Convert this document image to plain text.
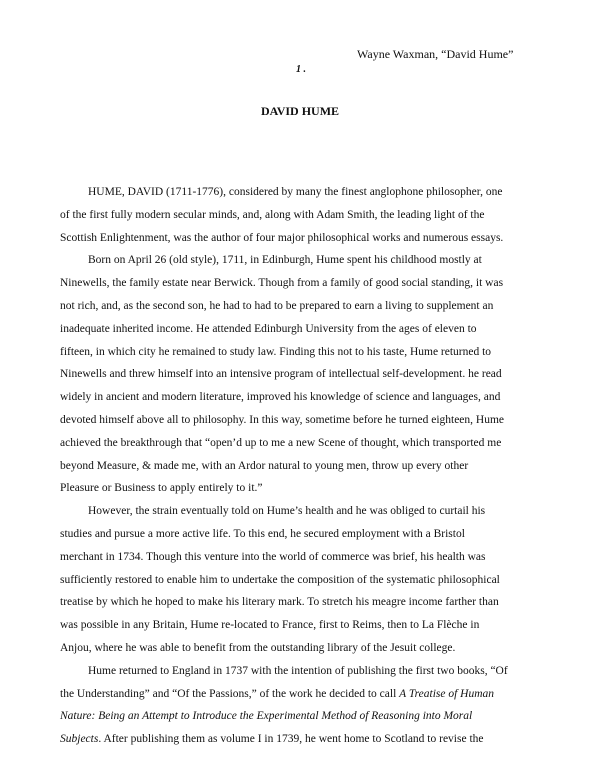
Wayne Waxman, “David Hume”
1 .
DAVID HUME
HUME, DAVID (1711-1776), considered by many the finest anglophone philosopher, one
of the first fully modern secular minds, and, along with Adam Smith, the leading light of the
Scottish Enlightenment, was the author of four major philosophical works and numerous essays.
Born on April 26 (old style), 1711, in Edinburgh, Hume spent his childhood mostly at
Ninewells, the family estate near Berwick. Though from a family of good social standing, it was
not rich, and, as the second son, he had to had to be prepared to earn a living to supplement an
inadequate inherited income. He attended Edinburgh University from the ages of eleven to
fifteen, in which city he remained to study law. Finding this not to his taste, Hume returned to
Ninewells and threw himself into an intensive program of intellectual self-development. he read
widely in ancient and modern literature, improved his knowledge of science and languages, and
devoted himself above all to philosophy. In this way, sometime before he turned eighteen, Hume
achieved the breakthrough that “open’d up to me a new Scene of thought, which transported me
beyond Measure, & made me, with an Ardor natural to young men, throw up every other
Pleasure or Business to apply entirely to it.”
However, the strain eventually told on Hume’s health and he was obliged to curtail his
studies and pursue a more active life. To this end, he secured employment with a Bristol
merchant in 1734. Though this venture into the world of commerce was brief, his health was
sufficiently restored to enable him to undertake the composition of the systematic philosophical
treatise by which he hoped to make his literary mark. To stretch his meagre income farther than
was possible in any Britain, Hume re-located to France, first to Reims, then to La Flèche in
Anjou, where he was able to benefit from the outstanding library of the Jesuit college.
Hume returned to England in 1737 with the intention of publishing the first two books, “Of
the Understanding” and “Of the Passions,” of the work he decided to call A Treatise of Human
Nature: Being an Attempt to Introduce the Experimental Method of Reasoning into Moral
Subjects. After publishing them as volume I in 1739, he went home to Scotland to revise the
